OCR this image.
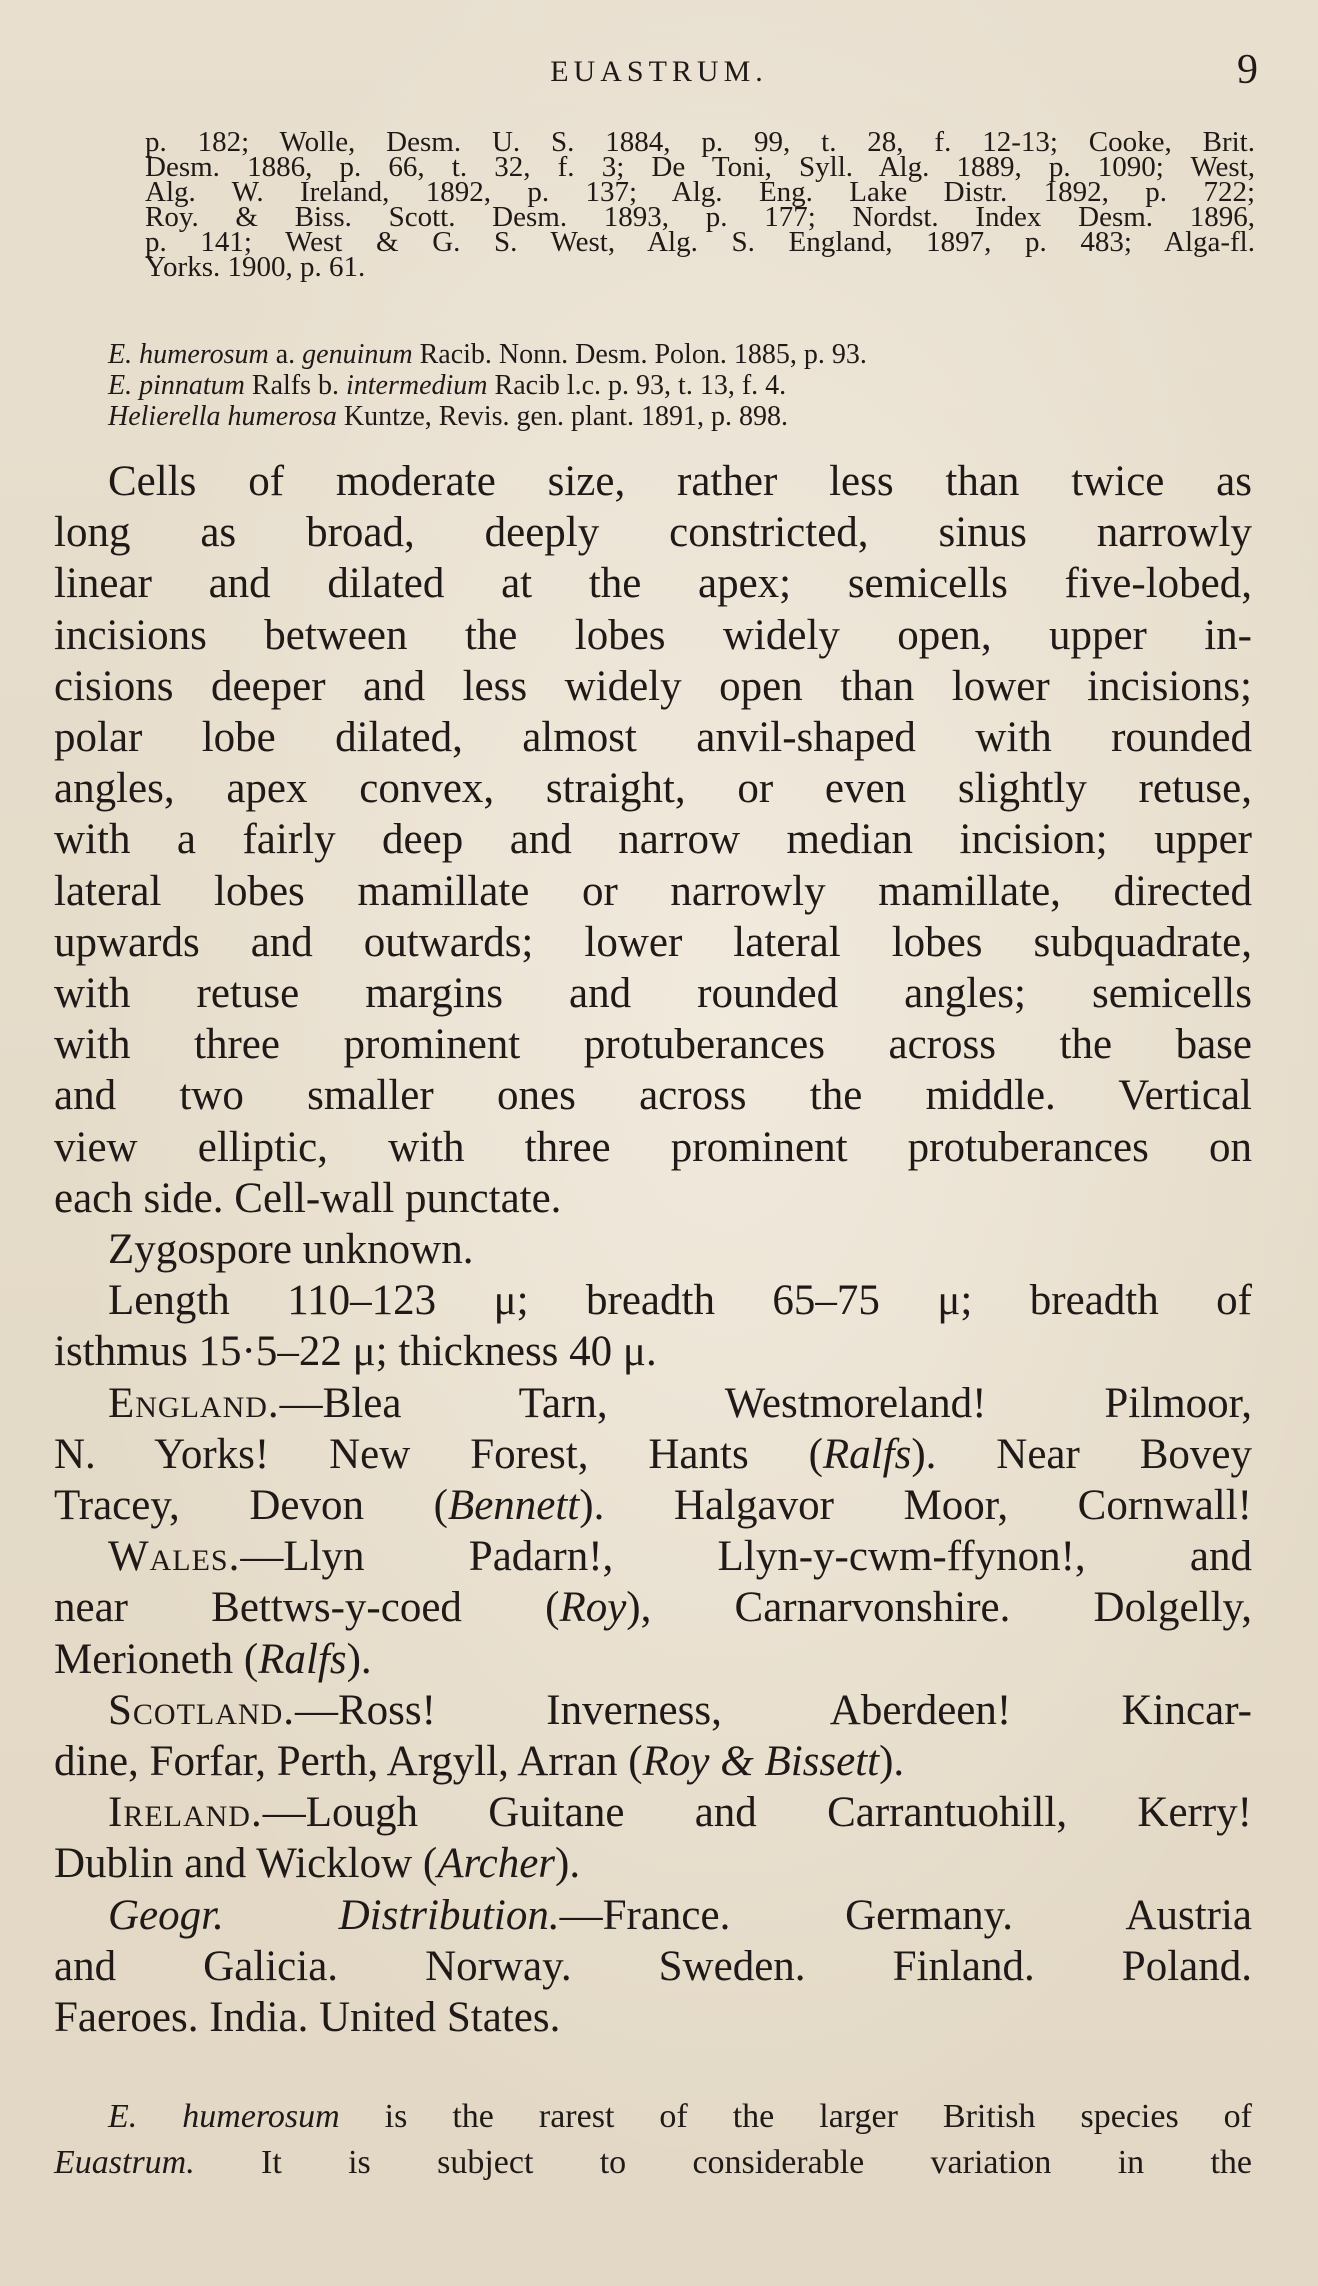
EUASTRUM.	9
p. 182; Wolle, Desm. U. S. 1884, p. 99, t. 28, f. 12-13; Cooke, Brit.
Desm. 1886, p. 66, t. 32, f. 3; De Toni, Syll. Alg. 1889, p. 1090; West,
Alg. W. Ireland, 1892, p. 137; Alg. Eng. Lake Distr. 1892, p. 722;
Roy. & Biss. Scott. Desm. 1893, p. 177; Nordst. Index Desm. 1896,
p. 141; West & G. S. West, Alg. S. England, 1897, p. 483; Alga-fl.
Yorks. 1900, p. 61.
E. humerosum a. genuinum Racib. Nonn. Desm. Polon. 1885, p. 93.
E. pinnatum Ralfs b. intermedium Racib l.c. p. 93, t. 13, f. 4.
Helierella humerosa Kuntze, Revis. gen. plant. 1891, p. 898.
Cells of moderate size, rather less than twice as
long as broad, deeply constricted, sinus narrowly
linear and dilated at the apex; semicells five-lobed,
incisions between the lobes widely open, upper in-
cisions deeper and less widely open than lower incisions;
polar lobe dilated, almost anvil-shaped with rounded
angles, apex convex, straight, or even slightly retuse,
with a fairly deep and narrow median incision; upper
lateral lobes mamillate or narrowly mamillate, directed
upwards and outwards; lower lateral lobes subquadrate,
with retuse margins and rounded angles; semicells
with three prominent protuberances across the base
and two smaller ones across the middle. Vertical
view elliptic, with three prominent protuberances on
each side. Cell-wall punctate.
Zygospore unknown.
Length 110–123 μ; breadth 65–75 μ; breadth of
isthmus 15·5–22 μ; thickness 40 μ.
England.—Blea Tarn, Westmoreland! Pilmoor,
N. Yorks! New Forest, Hants (Ralfs). Near Bovey
Tracey, Devon (Bennett). Halgavor Moor, Cornwall!
Wales.—Llyn Padarn!, Llyn-y-cwm-ffynon!, and
near Bettws-y-coed (Roy), Carnarvonshire. Dolgelly,
Merioneth (Ralfs).
Scotland.—Ross! Inverness, Aberdeen! Kincar-
dine, Forfar, Perth, Argyll, Arran (Roy & Bissett).
Ireland.—Lough Guitane and Carrantuohill, Kerry!
Dublin and Wicklow (Archer).
Geogr. Distribution.—France. Germany. Austria
and Galicia. Norway. Sweden. Finland. Poland.
Faeroes. India. United States.
E. humerosum is the rarest of the larger British species of
Euastrum. It is subject to considerable variation in the
